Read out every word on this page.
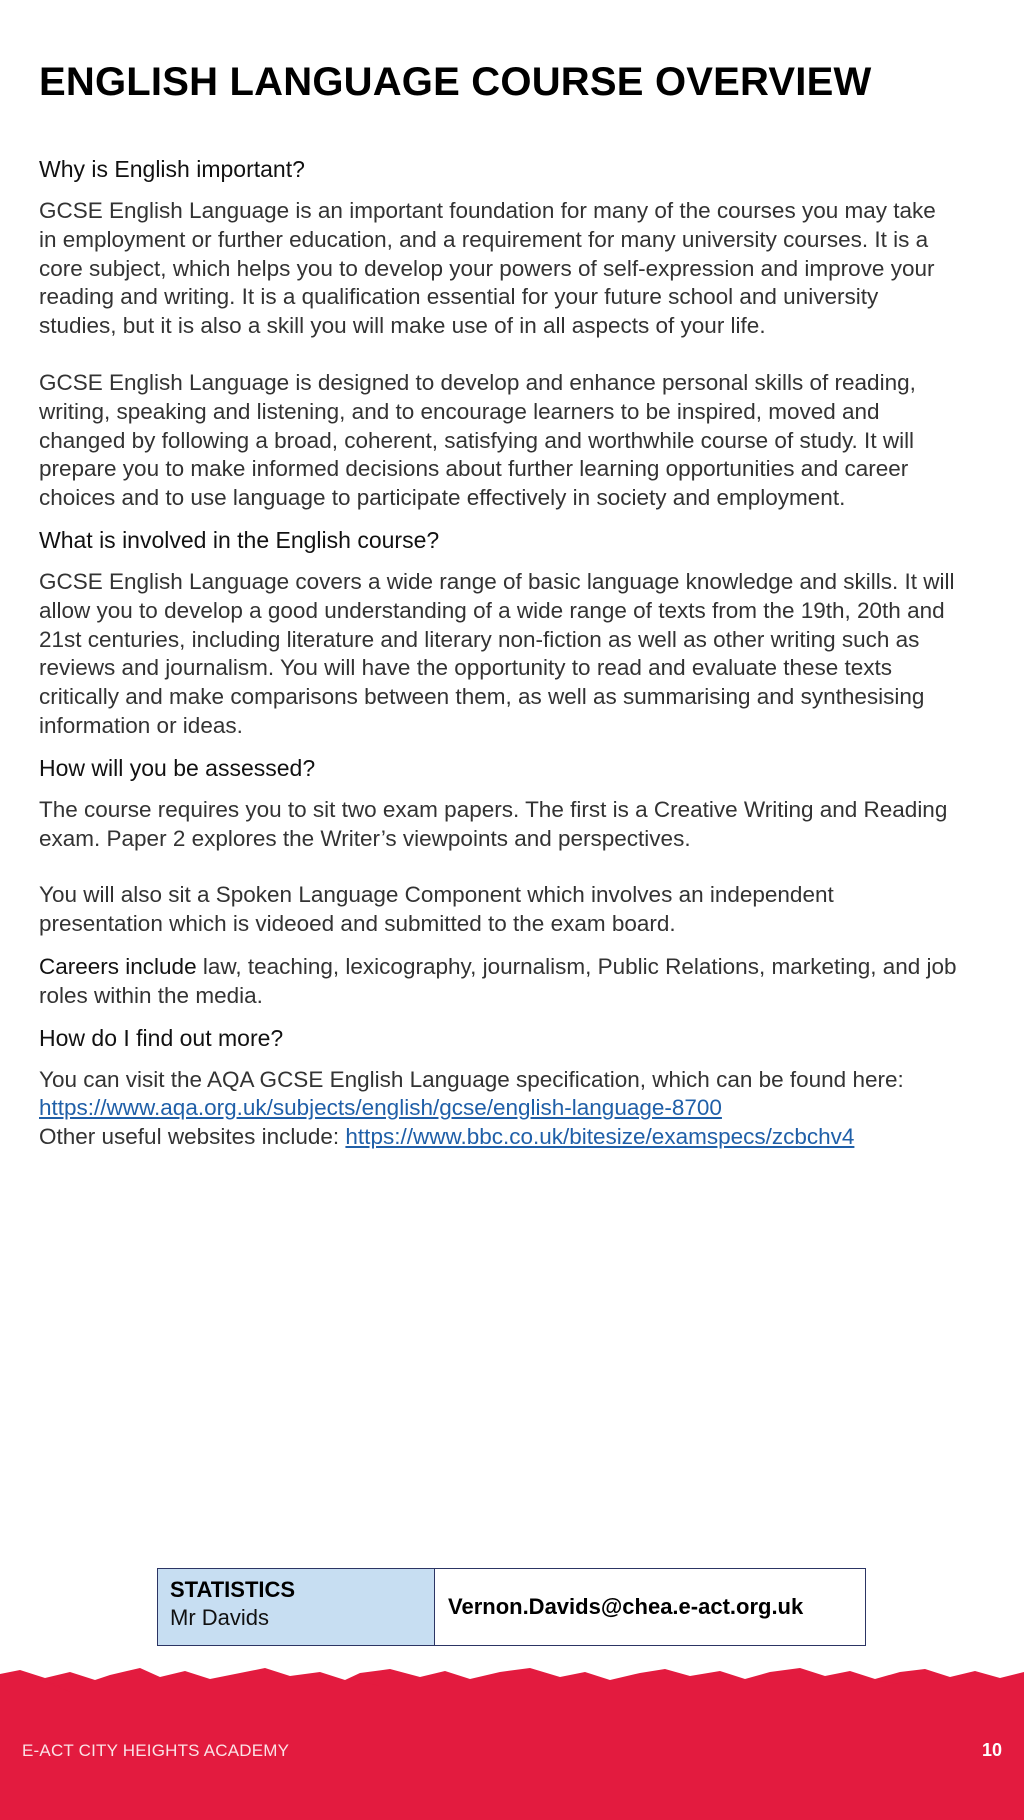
ENGLISH LANGUAGE COURSE OVERVIEW
Why is English important?

GCSE English Language is an important foundation for many of the courses you may take in employment or further education, and a requirement for many university courses. It is a core subject, which helps you to develop your powers of self-expression and improve your reading and writing. It is a qualification essential for your future school and university studies, but it is also a skill you will make use of in all aspects of your life.

GCSE English Language is designed to develop and enhance personal skills of reading, writing, speaking and listening, and to encourage learners to be inspired, moved and changed by following a broad, coherent, satisfying and worthwhile course of study. It will prepare you to make informed decisions about further learning opportunities and career choices and to use language to participate effectively in society and employment.

What is involved in the English course?

GCSE English Language covers a wide range of basic language knowledge and skills. It will allow you to develop a good understanding of a wide range of texts from the 19th, 20th and 21st centuries, including literature and literary non-fiction as well as other writing such as reviews and journalism. You will have the opportunity to read and evaluate these texts critically and make comparisons between them, as well as summarising and synthesising information or ideas.

How will you be assessed?

The course requires you to sit two exam papers. The first is a Creative Writing and Reading exam. Paper 2 explores the Writer’s viewpoints and perspectives.

You will also sit a Spoken Language Component which involves an independent presentation which is videoed and submitted to the exam board.

Careers include law, teaching, lexicography, journalism, Public Relations, marketing, and job roles within the media.

How do I find out more?

You can visit the AQA GCSE English Language specification, which can be found here:
https://www.aqa.org.uk/subjects/english/gcse/english-language-8700
Other useful websites include: https://www.bbc.co.uk/bitesize/examspecs/zcbchv4

STATISTICS
Mr Davids	Vernon.Davids@chea.e-act.org.uk
E-ACT CITY HEIGHTS ACADEMY	10
